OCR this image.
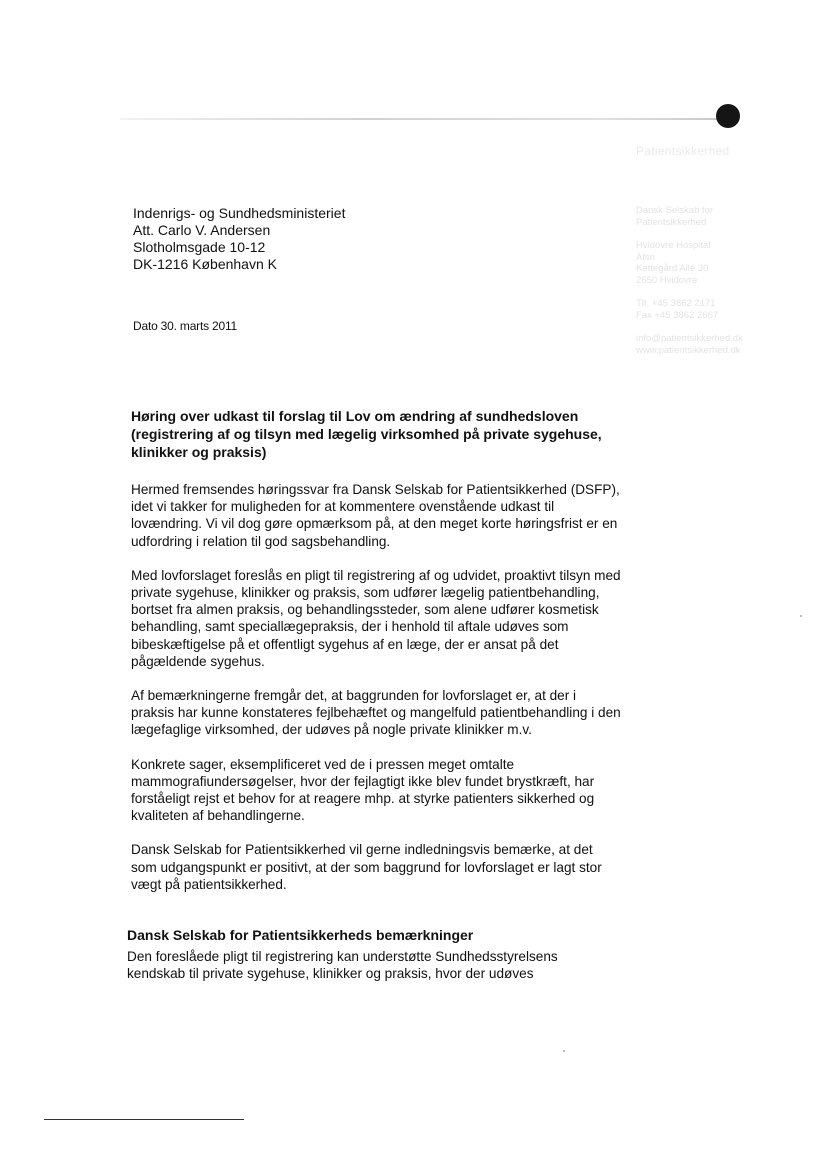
Patientsikkerhed
Dansk Selskab for
Patientsikkerhed
Hvidovre Hospital
Afsn
Kettegård Allé 30
2650 Hvidovre
Tlf. +45 3862 2171
Fax +45 3862 2667
info@patientsikkerhed.dk
www.patientsikkerhed.dk
Indenrigs- og Sundhedsministeriet
Att. Carlo V. Andersen
Slotholmsgade 10-12
DK-1216 København K
Dato 30. marts 2011
Høring over udkast til forslag til Lov om ændring af sundhedsloven (registrering af og tilsyn med lægelig virksomhed på private sygehuse, klinikker og praksis)

Hermed fremsendes høringssvar fra Dansk Selskab for Patientsikkerhed (DSFP), idet vi takker for muligheden for at kommentere ovenstående udkast til lovændring. Vi vil dog gøre opmærksom på, at den meget korte høringsfrist er en udfordring i relation til god sagsbehandling.

Med lovforslaget foreslås en pligt til registrering af og udvidet, proaktivt tilsyn med private sygehuse, klinikker og praksis, som udfører lægelig patientbehandling, bortset fra almen praksis, og behandlingssteder, som alene udfører kosmetisk behandling, samt speciallægepraksis, der i henhold til aftale udøves som bibeskæftigelse på et offentligt sygehus af en læge, der er ansat på det pågældende sygehus.

Af bemærkningerne fremgår det, at baggrunden for lovforslaget er, at der i praksis har kunne konstateres fejlbehæftet og mangelfuld patientbehandling i den lægefaglige virksomhed, der udøves på nogle private klinikker m.v.

Konkrete sager, eksemplificeret ved de i pressen meget omtalte mammografiundersøgelser, hvor der fejlagtigt ikke blev fundet brystkræft, har forståeligt rejst et behov for at reagere mhp. at styrke patienters sikkerhed og kvaliteten af behandlingerne.

Dansk Selskab for Patientsikkerhed vil gerne indledningsvis bemærke, at det som udgangspunkt er positivt, at der som baggrund for lovforslaget er lagt stor vægt på patientsikkerhed.

Dansk Selskab for Patientsikkerheds bemærkninger
Den foreslåede pligt til registrering kan understøtte Sundhedsstyrelsens kendskab til private sygehuse, klinikker og praksis, hvor der udøves
